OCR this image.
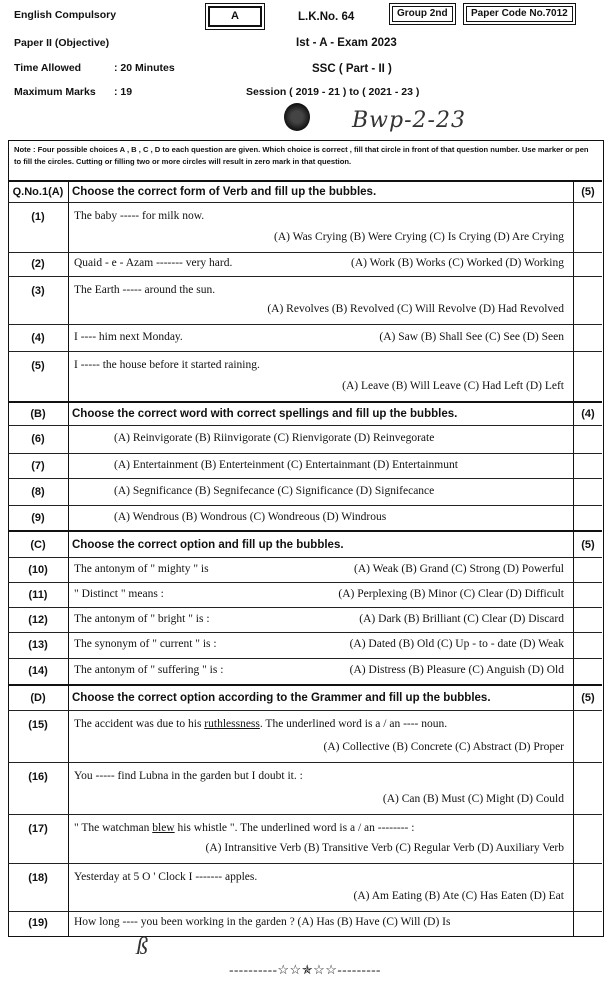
English Compulsory
Paper II (Objective)
Time Allowed	: 20 Minutes
Maximum Marks : 19
A	L.K.No. 64	Group 2nd	Paper Code No.7012
Ist - A - Exam 2023
SSC ( Part - II )
Session ( 2019 - 21 ) to ( 2021 - 23 )
Bwp-2-23
Note : Four possible choices A , B , C , D to each question are given. Which choice is correct , fill that circle in front of that question number. Use marker or pen to fill the circles. Cutting or filling two or more circles will result in zero mark in that question.
Q.No.1(A) Choose the correct form of Verb and fill up the bubbles.	(5)
(1)	The baby ----- for milk now.
(A) Was Crying (B) Were Crying (C) Is Crying (D) Are Crying
(2)	Quaid - e - Azam ------- very hard.	(A) Work (B) Works (C) Worked (D) Working
(3)	The Earth ----- around the sun.
(A) Revolves (B) Revolved (C) Will Revolve (D) Had Revolved
(4)	I ---- him next Monday.	(A) Saw (B) Shall See (C) See (D) Seen
(5)	I ----- the house before it started raining.
(A) Leave (B) Will Leave (C) Had Left (D) Left
(B)	Choose the correct word with correct spellings and fill up the bubbles.	(4)
(6)	(A) Reinvigorate (B) Riinvigorate (C) Rienvigorate (D) Reinvegorate
(7)	(A) Entertainment (B) Enterteinment (C) Entertainmant (D) Entertainmunt
(8)	(A) Segnificance (B) Segnifecance (C) Significance (D) Signifecance
(9)	(A) Wendrous (B) Wondrous (C) Wondreous (D) Windrous
(C)	Choose the correct option and fill up the bubbles.	(5)
(10)	The antonym of " mighty " is	(A) Weak (B) Grand (C) Strong (D) Powerful
(11)	" Distinct " means :	(A) Perplexing (B) Minor (C) Clear (D) Difficult
(12)	The antonym of " bright " is :	(A) Dark (B) Brilliant (C) Clear (D) Discard
(13)	The synonym of " current " is :	(A) Dated (B) Old (C) Up - to - date (D) Weak
(14)	The antonym of " suffering " is :	(A) Distress (B) Pleasure (C) Anguish (D) Old
(D)	Choose the correct option according to the Grammer and fill up the bubbles.	(5)
(15)	The accident was due to his ruthlessness. The underlined word is a / an ---- noun.
(A) Collective (B) Concrete (C) Abstract (D) Proper
(16)	You ----- find Lubna in the garden but I doubt it. :
(A) Can (B) Must (C) Might (D) Could
(17)	" The watchman blew his whistle ". The underlined word is a / an -------- :
(A) Intransitive Verb (B) Transitive Verb (C) Regular Verb (D) Auxiliary Verb
(18)	Yesterday at 5 O ' Clock I ------- apples.
(A) Am Eating (B) Ate (C) Has Eaten (D) Eat
(19)	How long ---- you been working in the garden ? (A) Has (B) Have (C) Will (D) Is
ß
----------☆☆✯☆☆---------
